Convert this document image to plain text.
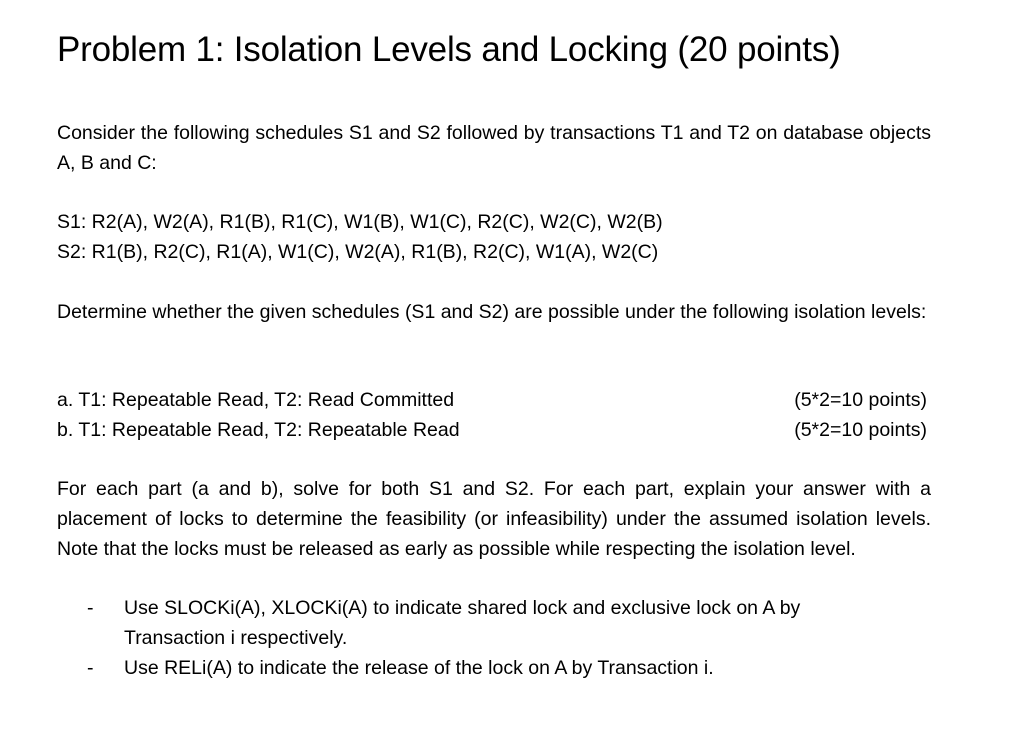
Problem 1: Isolation Levels and Locking (20 points)

Consider the following schedules S1 and S2 followed by transactions T1 and T2 on database objects A, B and C:

S1: R2(A), W2(A), R1(B), R1(C), W1(B), W1(C), R2(C), W2(C), W2(B)
S2: R1(B), R2(C), R1(A), W1(C), W2(A), R1(B), R2(C), W1(A), W2(C)

Determine whether the given schedules (S1 and S2) are possible under the following isolation levels:

a. T1: Repeatable Read, T2: Read Committed	(5*2=10 points)
b. T1: Repeatable Read, T2: Repeatable Read	(5*2=10 points)

For each part (a and b), solve for both S1 and S2. For each part, explain your answer with a placement of locks to determine the feasibility (or infeasibility) under the assumed isolation levels. Note that the locks must be released as early as possible while respecting the isolation level.

- Use SLOCKi(A), XLOCKi(A) to indicate shared lock and exclusive lock on A by Transaction i respectively.
- Use RELi(A) to indicate the release of the lock on A by Transaction i.
